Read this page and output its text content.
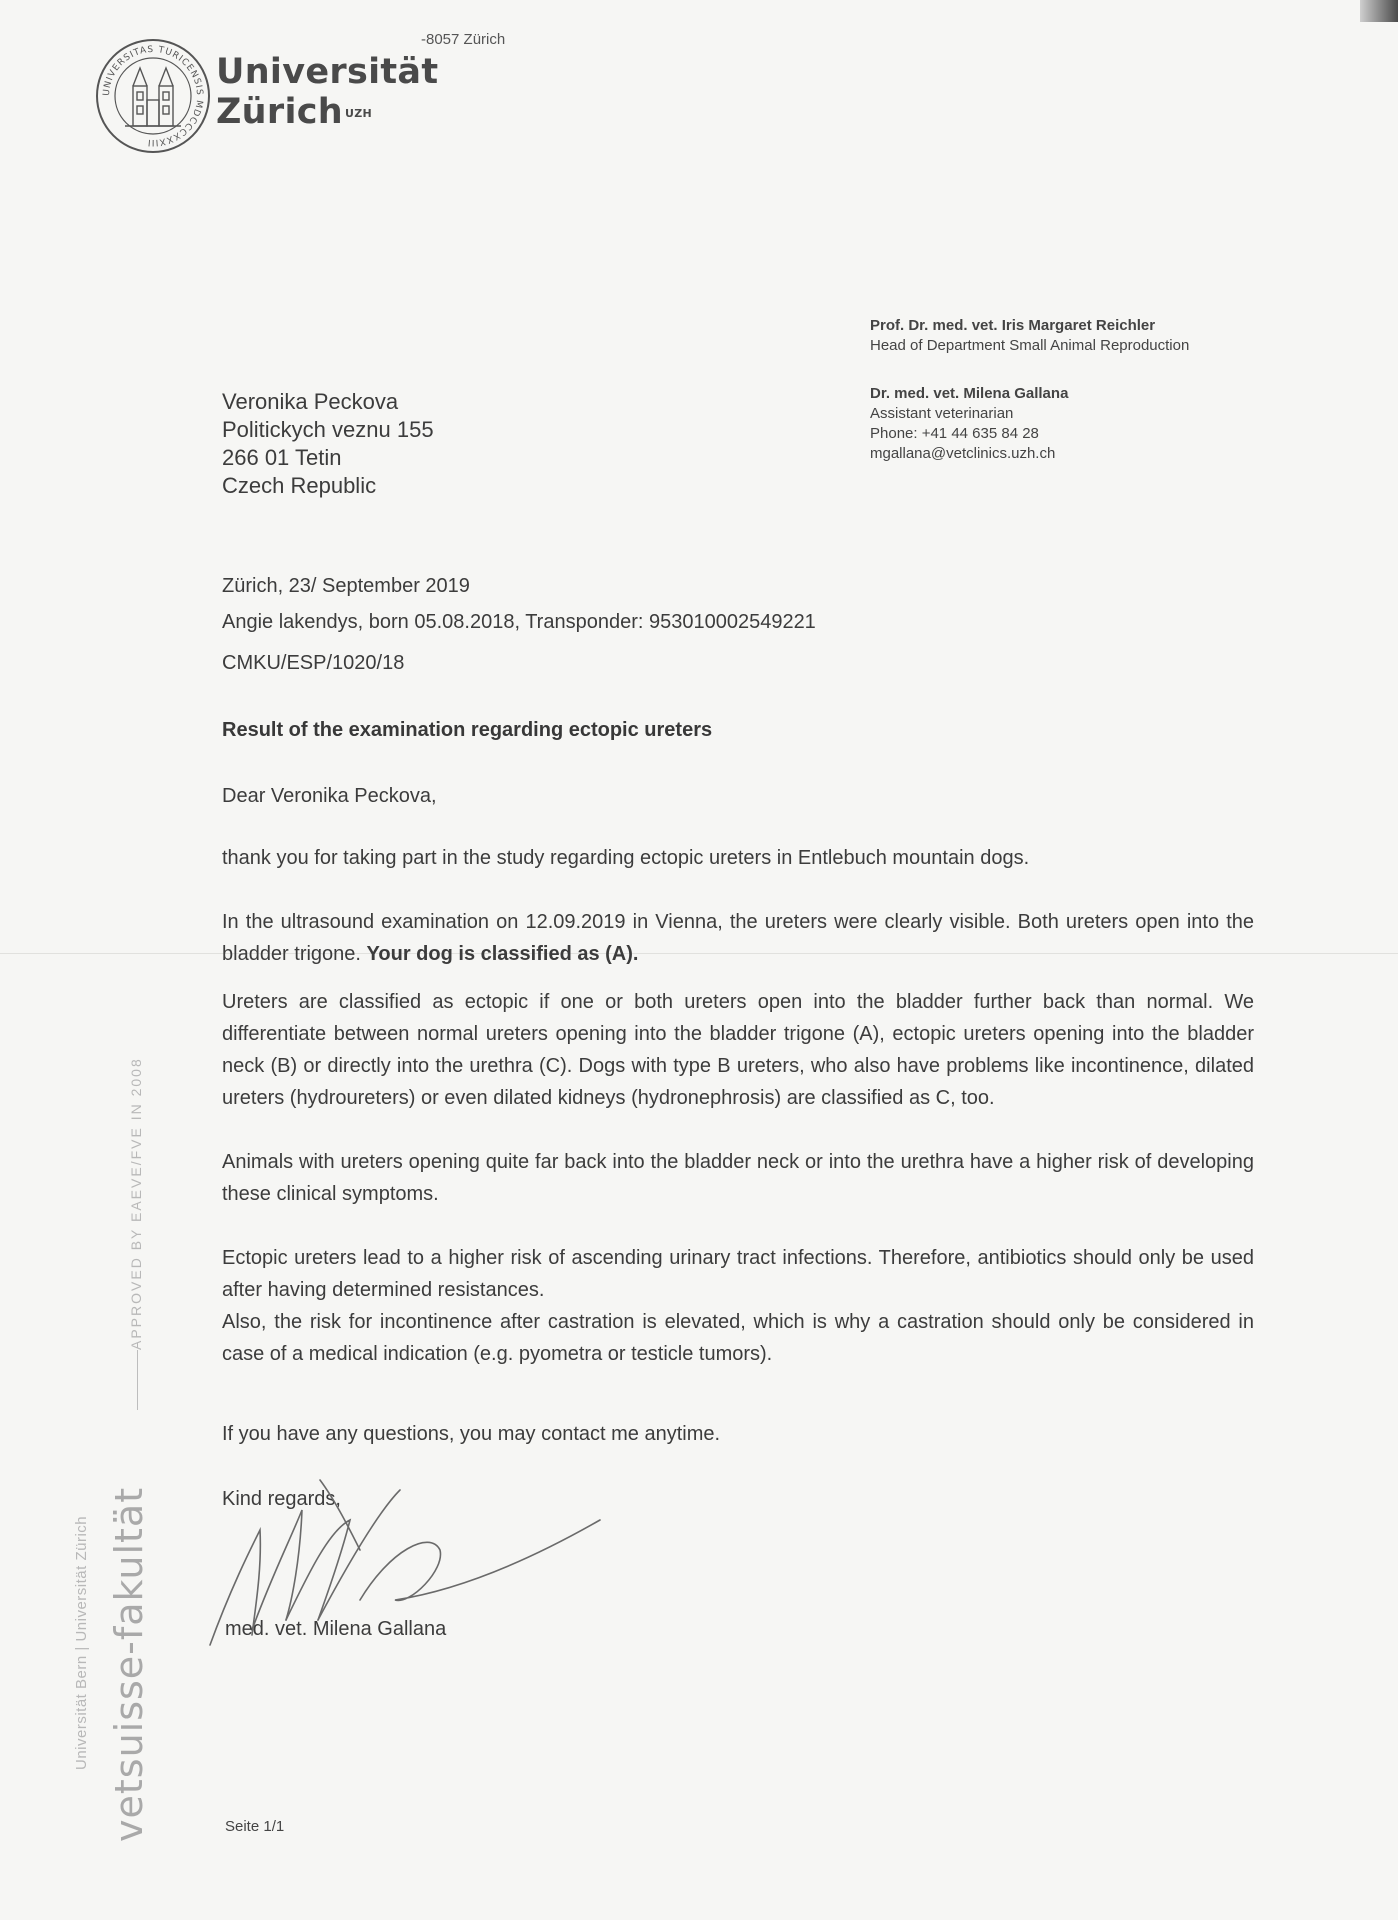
UNIVERSITAS TURICENSIS MDCCCXXXIII
Universität
Zürich $^{UZH}$
-8057 Zürich
Prof. Dr. med. vet. Iris Margaret Reichler
Head of Department Small Animal Reproduction
Dr. med. vet. Milena Gallana
Assistant veterinarian
Phone: +41 44 635 84 28
mgallana@vetclinics.uzh.ch
Veronika Peckova
Politickych veznu 155
266 01 Tetin
Czech Republic
Zürich, 23/ September 2019
Angie lakendys, born 05.08.2018, Transponder: 953010002549221
CMKU/ESP/1020/18
Result of the examination regarding ectopic ureters
Dear Veronika Peckova,
thank you for taking part in the study regarding ectopic ureters in Entlebuch mountain dogs.
In the ultrasound examination on 12.09.2019 in Vienna, the ureters were clearly visible. Both ureters open into the bladder trigone. Your dog is classified as (A).
Ureters are classified as ectopic if one or both ureters open into the bladder further back than normal. We differentiate between normal ureters opening into the bladder trigone (A), ectopic ureters opening into the bladder neck (B) or directly into the urethra (C). Dogs with type B ureters, who also have problems like incontinence, dilated ureters (hydroureters) or even dilated kidneys (hydronephrosis) are classified as C, too.
Animals with ureters opening quite far back into the bladder neck or into the urethra have a higher risk of developing these clinical symptoms.
Ectopic ureters lead to a higher risk of ascending urinary tract infections. Therefore, antibiotics should only be used after having determined resistances.
Also, the risk for incontinence after castration is elevated, which is why a castration should only be considered in case of a medical indication (e.g. pyometra or testicle tumors).
If you have any questions, you may contact me anytime.
Kind regards,
med. vet. Milena Gallana
APPROVED BY EAEVE/FVE IN 2008
Universität Bern | Universität Zürich vetsuisse-fakultät	Seite 1/1
